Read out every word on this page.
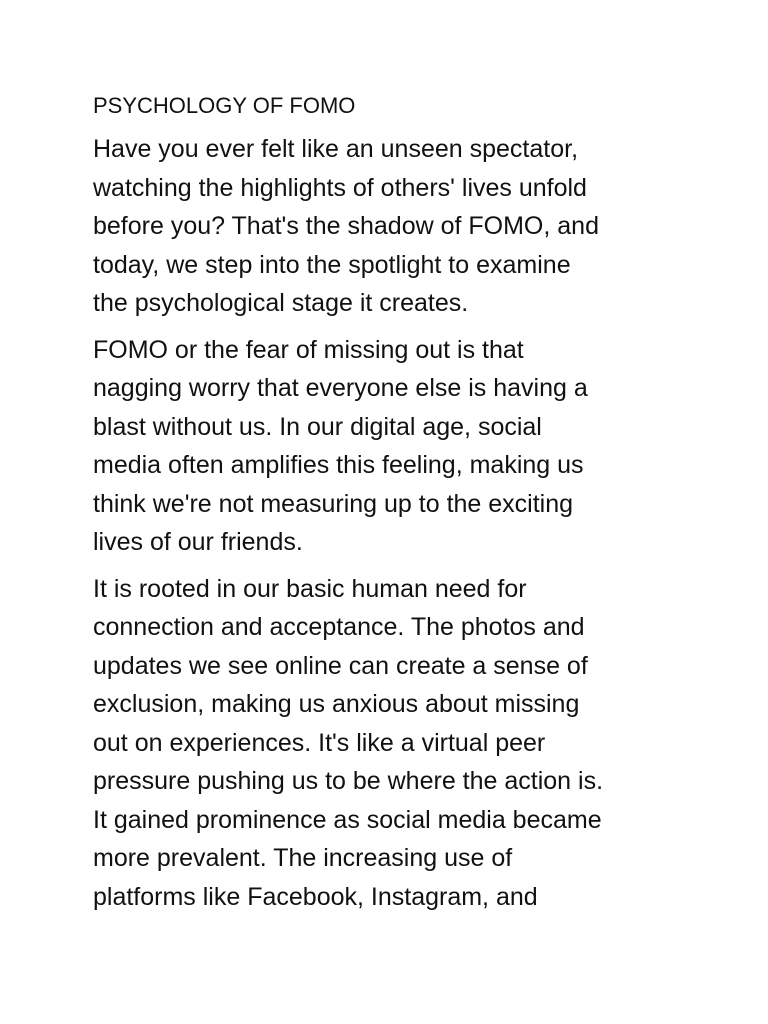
PSYCHOLOGY OF FOMO

Have you ever felt like an unseen spectator,
watching the highlights of others' lives unfold
before you? That's the shadow of FOMO, and
today, we step into the spotlight to examine
the psychological stage it creates.

FOMO or the fear of missing out is that
nagging worry that everyone else is having a
blast without us. In our digital age, social
media often amplifies this feeling, making us
think we're not measuring up to the exciting
lives of our friends.

It is rooted in our basic human need for
connection and acceptance. The photos and
updates we see online can create a sense of
exclusion, making us anxious about missing
out on experiences. It's like a virtual peer
pressure pushing us to be where the action is.
It gained prominence as social media became
more prevalent. The increasing use of
platforms like Facebook, Instagram, and
